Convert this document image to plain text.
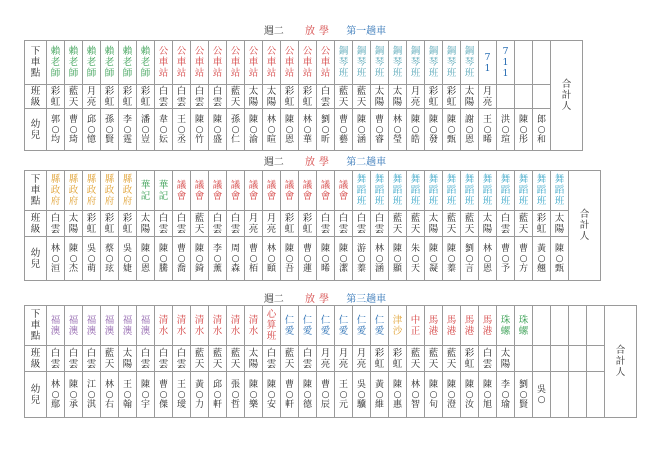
週二 放學 第一趟車
下車點	賴老師	賴老師	賴老師	賴老師	賴老師	賴老師	公車站	公車站	公車站	公車站	公車站	公車站	公車站	公車站	公車站	公車站	鋼琴班	鋼琴班	鋼琴班	鋼琴班	鋼琴班	鋼琴班	鋼琴班	鋼琴班	71	711			合計人

班級	彩虹	藍天	月亮	彩虹	彩虹	彩虹	白雲	白雲	白雲	白雲	藍天	太陽	太陽	彩虹	彩虹	白雲	藍天	藍天	太陽	太陽	月亮	彩虹	彩虹	太陽	月亮				

幼兒	郭○均	曹○琦	邱○憶	孫○賢	李○霆	潘○豈	韋○妘	王○丞	陳○竹	陳○盛	孫○仁	陳○渝	林○暄	陳○恩	林○華	劉○昕	曹○藝	陳○涵	曹○睿	林○瑩	陳○皓	陳○發	陳○甄	謝○恩	王○晞	洪○瑄	陳○彤	郎○和	
週二 放學 第二趟車
下車點	縣政府	縣政府	縣政府	縣政府	縣政府	華記	華記	議會	議會	議會	議會	議會	議會	議會	議會	議會	議會	舞蹈班	舞蹈班	舞蹈班	舞蹈班	舞蹈班	舞蹈班	舞蹈班	舞蹈班	舞蹈班	舞蹈班	舞蹈班	舞蹈班	合計人

班級	白雲	太陽	彩虹	彩虹	彩虹	太陽	白雲	白雲	藍天	白雲	白雲	月亮	月亮	彩虹	彩虹	白雲	白雲	白雲	白雲	藍天	藍天	太陽	藍天	藍天	太陽	白雲	藍天	彩虹	太陽	

幼兒	林○洹	陳○杰	吳○萌	蔡○玹	吳○婕	陳○恩	陳○騰	曹○喬	陳○錡	李○薰	周○森	曹○栢	林○頤	陳○吾	曹○蓮	陳○晞	陳○潔	游○蓁	林○涵	陳○顯	朱○天	陳○凝	陳○蓁	劉○言	林○恩	曹○予	曹○方	黃○翹	陳○甄	
週二 放學 第三趟車
下車點	福澳	福澳	福澳	福澳	福澳	福澳	清水	清水	清水	清水	清水	清水	心算班	仁愛	仁愛	仁愛	仁愛	仁愛	仁愛	津沙	中正	馬港	馬港	馬港	馬港	珠螺	珠螺					合計人

班級	白雲	白雲	白雲	藍天	太陽	白雲	白雲	白雲	藍天	藍天	藍天	太陽	白雲	藍天	白雲	月亮	月亮	月亮	彩虹	彩虹	藍天	藍天	藍天	彩虹	白雲	太陽						

幼兒	林○鄢	陳○承	江○淇	林○右	王○翰	陳○宇	曹○傑	王○璦	黃○力	邱○軒	張○哲	陳○樂	陳○安	曹○軒	陳○德	曹○辰	王○元	吳○驥	黃○維	陳○惠	林○智	陳○旬	陳○澄	陳○汝	陳○旭	李○瑜	劉○賢	吳○				
